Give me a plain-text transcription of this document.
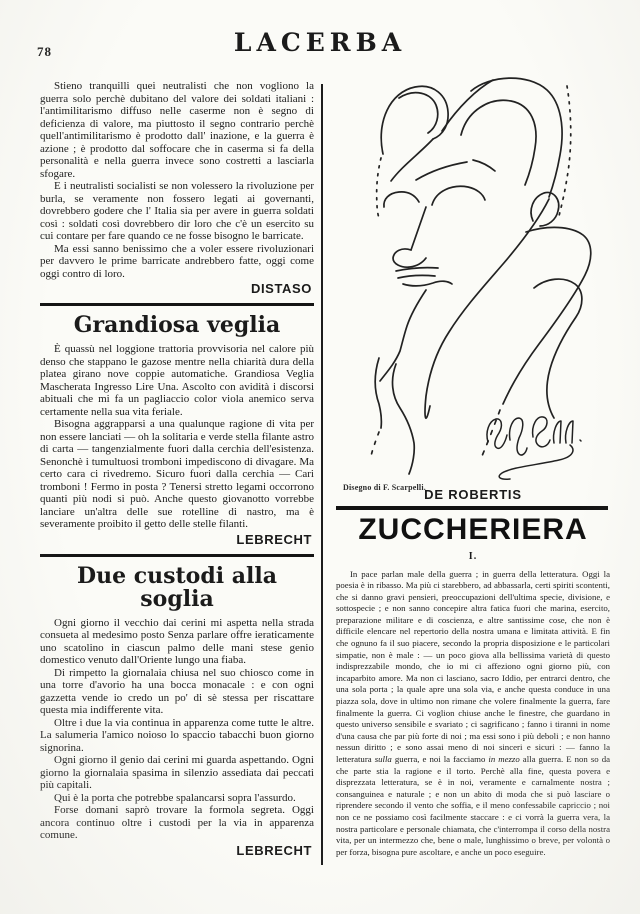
78	LACERBA

Stieno tranquilli quei neutralisti che non vogliono la guerra solo perchè dubitano del valore dei soldati italiani : l'antimilitarismo diffuso nelle caserme non è segno di deficienza di valore, ma piuttosto il segno contrario perchè quell'antimilitarismo è prodotto dall' inazione, e la guerra è azione ; è prodotto dal soffocare che in caserma si fa della personalità e nella guerra invece sono costretti a lasciarla sfogare.

E i neutralisti socialisti se non volessero la rivoluzione per burla, se veramente non fossero legati ai governanti, dovrebbero godere che l' Italia sia per avere in guerra soldati così : soldati così dovrebbero dir loro che c'è un esercito su cui contare per fare quando ce ne fosse bisogno le barricate.

Ma essi sanno benissimo che a voler essere rivoluzionari per davvero le prime barricate andrebbero fatte, oggi come oggi contro di loro.

DISTASO
Grandiosa veglia

È quassù nel loggione trattoria provvisoria nel calore più denso che stappano le gazose mentre nella chiarità dura della platea girano nove coppie automatiche. Grandiosa Veglia Mascherata Ingresso Lire Una. Ascolto con avidità i discorsi abituali che mi fa un pagliaccio color viola anemico serva certamente nella sua vita feriale.

Bisogna aggrapparsi a una qualunque ragione di vita per non essere lanciati — oh la solitaria e verde stella filante astro di carta — tangenzialmente fuori dalla cerchia dell'esistenza. Senonchè i tumultuosi tromboni impediscono di divagare. Ma certo cara ci rivedremo. Sicuro fuori dalla cerchia — Cari tromboni ! Fermo in posta ? Tenersi stretto legami occorrono quanti più nodi si può. Anche questo giovanotto vorrebbe lanciare un'altra delle sue rotelline di nastro, ma è severamente proibito il getto delle stelle filanti.

LEBRECHT
Due custodi alla soglia

Ogni giorno il vecchio dai cerini mi aspetta nella strada consueta al medesimo posto Senza parlare offre ieraticamente uno scatolino in ciascun palmo delle mani stese genio domestico venuto dall'Oriente lungo una fiaba.

Di rimpetto la giornalaia chiusa nel suo chiosco come in una torre d'avorio ha una bocca monacale : e con ogni gazzetta vende io credo un po' di sè stessa per riscattare questa mia indifferente vita.

Oltre i due la via continua in apparenza come tutte le altre. La salumeria l'amico noioso lo spaccio tabacchi buon giorno signorina.

Ogni giorno il genio dai cerini mi guarda aspettando. Ogni giorno la giornalaia spasima in silenzio assediata dai peccati più capitali.

Qui è la porta che potrebbe spalancarsi sopra l'assurdo.

Forse domani saprò trovare la formola segreta. Oggi ancora continuo oltre i custodi per la via in apparenza comune.

LEBRECHT
Disegno di F. Scarpelli.
DE ROBERTIS
ZUCCHERIERA
I.

In pace parlan male della guerra ; in guerra della letteratura. Oggi la poesia è in ribasso. Ma più ci starebbero, ad abbassarla, certi spiriti scontenti, che si danno gravi pensieri, preoccupazioni dell'ultima specie, divisione, e sottospecie ; e non sanno concepire altra fatica fuori che marina, esercito, preparazione militare e di coscienza, e altre santissime cose, che non è difficile elencare nel repertorio della nostra umana e limitata attività. E fin che ognuno fa il suo piacere, secondo la propria disposizione e le particolari simpatie, non è male : — un poco giova alla bellissima varietà di questo indisprezzabile mondo, che io mi ci affeziono ogni giorno più, con incaparbito amore. Ma non ci lasciano, sacro Iddio, per entrarci dentro, che una sola porta ; la quale apre una sola via, e anche questa conduce in una piazza sola, dove in ultimo non rimane che volere finalmente la guerra, fare finalmente la guerra. Ci voglion chiuse anche le finestre, che guardano in questo universo sensibile e svariato ; ci sagrificano ; fanno i tiranni in nome d'una causa che par più forte di noi ; ma essi sono i più deboli ; e non hanno nessun diritto ; e sono assai meno di noi sinceri e sicuri : — fanno la letteratura sulla guerra, e noi la facciamo in mezzo alla guerra. E non so da che parte stia la ragione e il torto. Perchè alla fine, questa povera e disprezzata letteratura, se è in noi, veramente e carnalmente nostra ; consanguinea e naturale ; e non un abito di moda che si può lasciare o riprendere secondo il vento che soffia, e il meno confessabile capriccio ; noi non ce ne possiamo così facilmente staccare : e ci vorrà la guerra vera, la nostra particolare e personale chiamata, che c'interrompa il corso della nostra vita, per un intermezzo che, bene o male, lunghissimo o breve, per volontà o per forza, bisogna pure ascoltare, e anche un poco eseguire.
